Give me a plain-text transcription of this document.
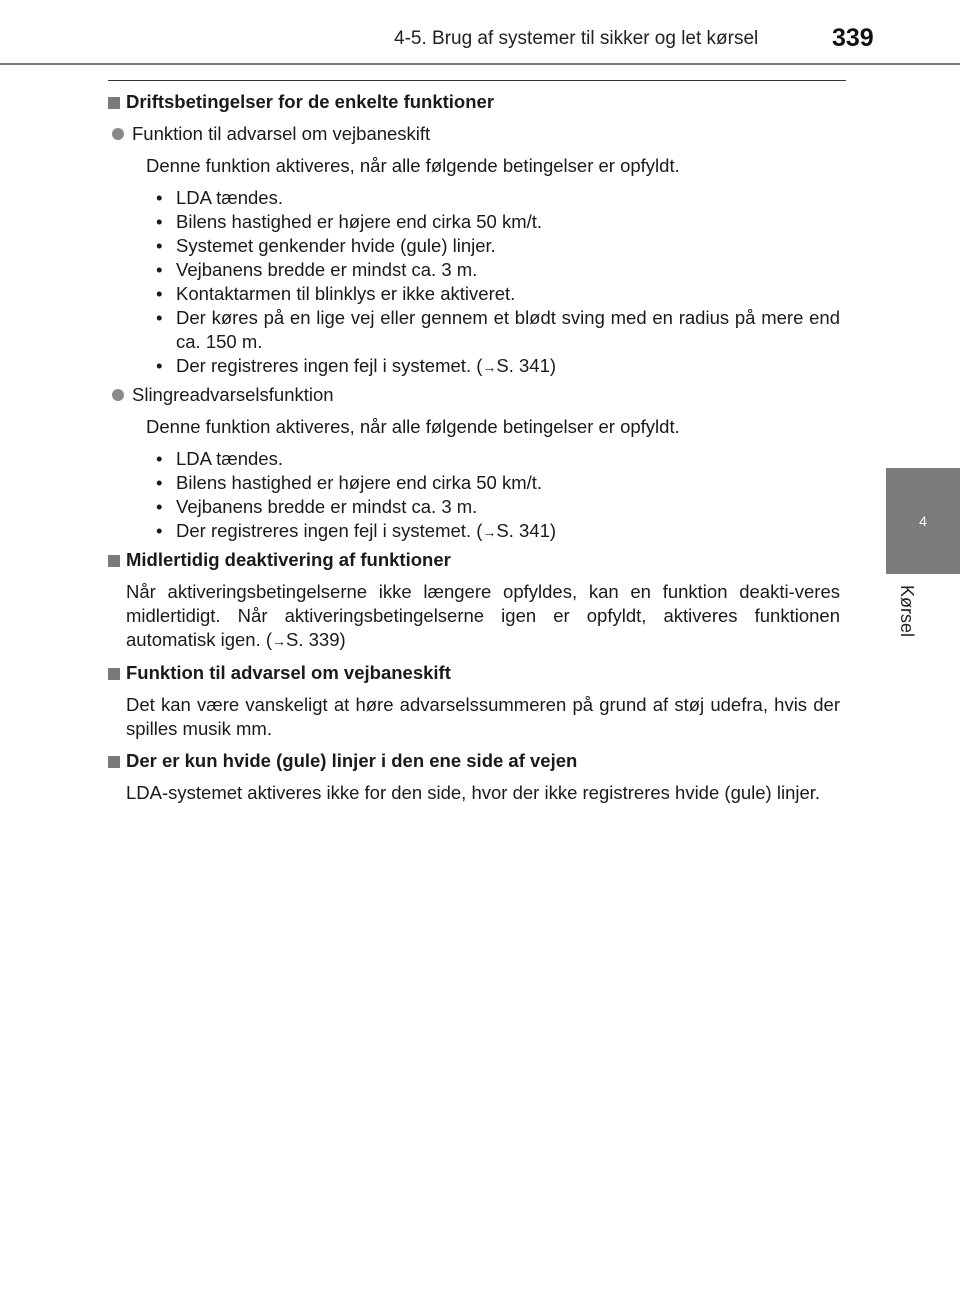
4-5. Brug af systemer til sikker og let kørsel	339
4
Kørsel
Driftsbetingelser for de enkelte funktioner
Funktion til advarsel om vejbaneskift
Denne funktion aktiveres, når alle følgende betingelser er opfyldt.
• LDA tændes.
• Bilens hastighed er højere end cirka 50 km/t.
• Systemet genkender hvide (gule) linjer.
• Vejbanens bredde er mindst ca. 3 m.
• Kontaktarmen til blinklys er ikke aktiveret.
• Der køres på en lige vej eller gennem et blødt sving med en radius på mere end ca. 150 m.
• Der registreres ingen fejl i systemet. (→S. 341)
Slingreadvarselsfunktion
Denne funktion aktiveres, når alle følgende betingelser er opfyldt.
• LDA tændes.
• Bilens hastighed er højere end cirka 50 km/t.
• Vejbanens bredde er mindst ca. 3 m.
• Der registreres ingen fejl i systemet. (→S. 341)
Midlertidig deaktivering af funktioner
Når aktiveringsbetingelserne ikke længere opfyldes, kan en funktion deakti-veres midlertidigt. Når aktiveringsbetingelserne igen er opfyldt, aktiveres funktionen automatisk igen. (→S. 339)
Funktion til advarsel om vejbaneskift
Det kan være vanskeligt at høre advarselssummeren på grund af støj udefra, hvis der spilles musik mm.
Der er kun hvide (gule) linjer i den ene side af vejen
LDA-systemet aktiveres ikke for den side, hvor der ikke registreres hvide (gule) linjer.
